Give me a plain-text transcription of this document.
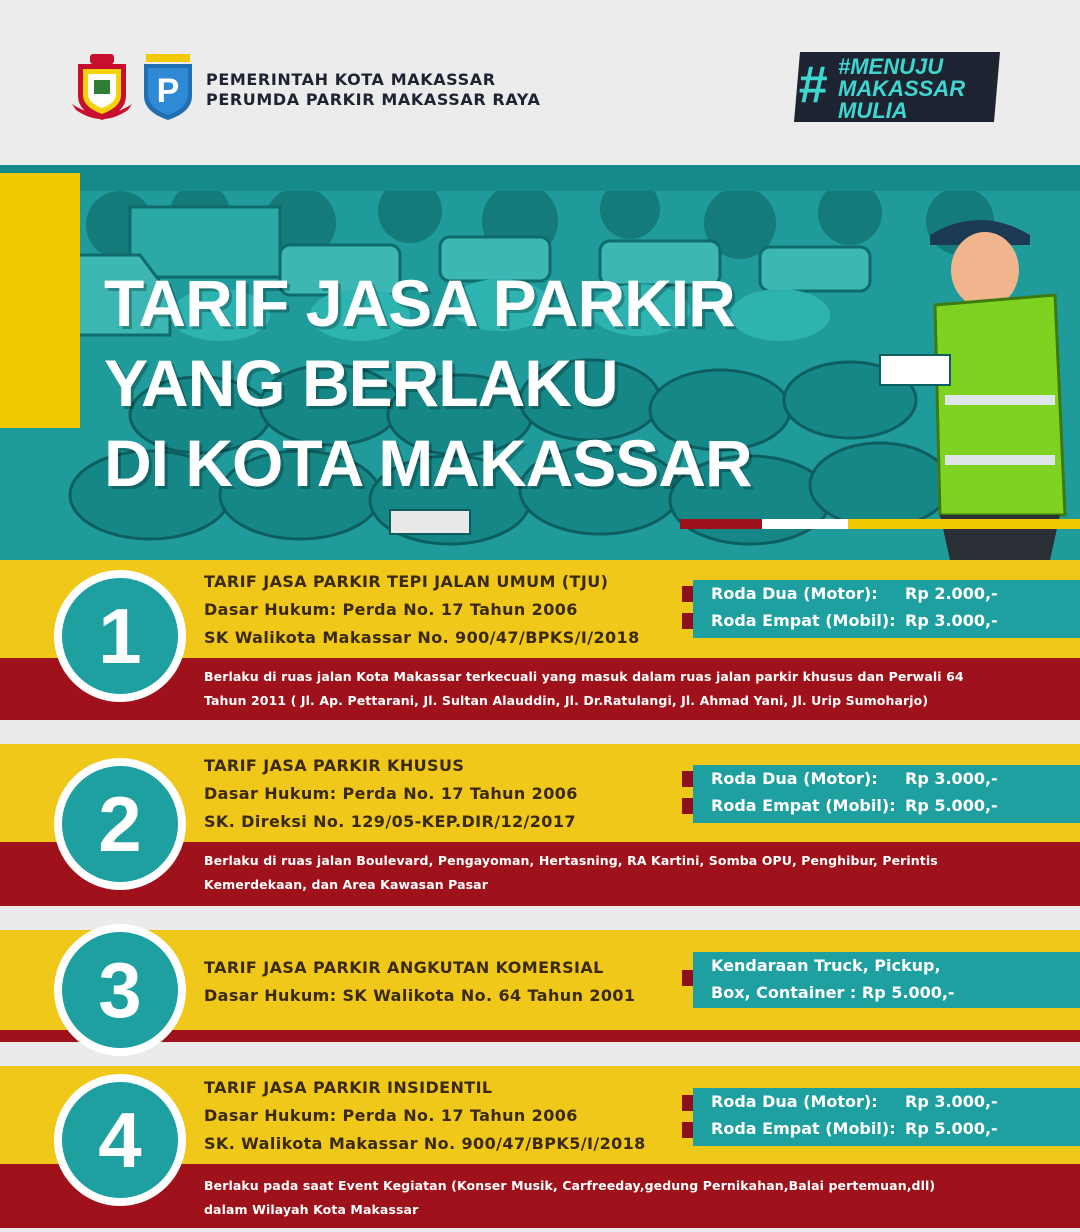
P PEMERINTAH KOTA MAKASSAR
PERUMDA PARKIR MAKASSAR RAYA	# #MENUJU
MAKASSAR
MULIA
TARIF JASA PARKIR
YANG BERLAKU
DI KOTA MAKASSAR
1
TARIF JASA PARKIR TEPI JALAN UMUM (TJU)
Dasar Hukum: Perda No. 17 Tahun 2006
SK Walikota Makassar No. 900/47/BPKS/I/2018
Roda Dua (Motor): Rp 2.000,-
Roda Empat (Mobil): Rp 3.000,-
Berlaku di ruas jalan Kota Makassar terkecuali yang masuk dalam ruas jalan parkir khusus dan Perwali 64
Tahun 2011 ( Jl. Ap. Pettarani, Jl. Sultan Alauddin, Jl. Dr.Ratulangi, Jl. Ahmad Yani, Jl. Urip Sumoharjo)
2
TARIF JASA PARKIR KHUSUS
Dasar Hukum: Perda No. 17 Tahun 2006
SK. Direksi No. 129/05-KEP.DIR/12/2017
Roda Dua (Motor): Rp 3.000,-
Roda Empat (Mobil): Rp 5.000,-
Berlaku di ruas jalan Boulevard, Pengayoman, Hertasning, RA Kartini, Somba OPU, Penghibur, Perintis
Kemerdekaan, dan Area Kawasan Pasar
3	TARIF JASA PARKIR ANGKUTAN KOMERSIAL
Dasar Hukum: SK Walikota No. 64 Tahun 2001
Kendaraan Truck, Pickup,
Box, Container : Rp 5.000,-
4
TARIF JASA PARKIR INSIDENTIL
Dasar Hukum: Perda No. 17 Tahun 2006
SK. Walikota Makassar No. 900/47/BPK5/I/2018
Roda Dua (Motor): Rp 3.000,-
Roda Empat (Mobil): Rp 5.000,-
Berlaku pada saat Event Kegiatan (Konser Musik, Carfreeday,gedung Pernikahan,Balai pertemuan,dll)
dalam Wilayah Kota Makassar
